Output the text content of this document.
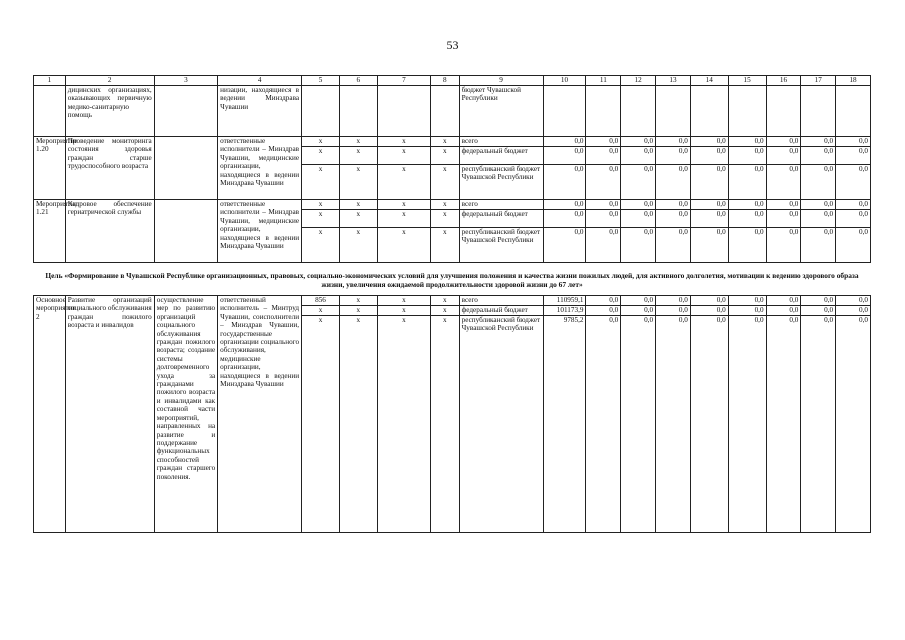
53
1	2	3	4	5	6	7	8	9	10	11	12	13	14	15	16	17	18
	дицинских организациях, оказывающих первичную медико-санитарную помощь		низации, находящиеся в ведении Минздрава Чувашии					бюджет Чувашской Республики									
Мероприятие 1.20	Проведение мониторинга состояния здоровья граждан старше трудоспособного возраста		ответственные исполнители – Минздрав Чувашии, медицинские организации, находящиеся в ведении Минздрава Чувашии	x	x	x	x	всего	0,0	0,0	0,0	0,0	0,0	0,0	0,0	0,0	0,0
				x	x	x	x	федеральный бюджет	0,0	0,0	0,0	0,0	0,0	0,0	0,0	0,0	0,0
				x	x	x	x	республиканский бюджет Чувашской Республики	0,0	0,0	0,0	0,0	0,0	0,0	0,0	0,0	0,0
Мероприятие 1.21	Кадровое обеспечение гериатрической службы		ответственные исполнители – Минздрав Чувашии, медицинские организации, находящиеся в ведении Минздрава Чувашии	x	x	x	x	всего	0,0	0,0	0,0	0,0	0,0	0,0	0,0	0,0	0,0
				x	x	x	x	федеральный бюджет	0,0	0,0	0,0	0,0	0,0	0,0	0,0	0,0	0,0
				x	x	x	x	республиканский бюджет Чувашской Республики	0,0	0,0	0,0	0,0	0,0	0,0	0,0	0,0	0,0
Цель «Формирование в Чувашской Республике организационных, правовых, социально-экономических условий для улучшения положения и качества жизни пожилых людей, для активного долголетия, мотивации к ведению здорового образа жизни, увеличения ожидаемой продолжительности здоровой жизни до 67 лет»																	
Основное мероприятие 2	Развитие организаций социального обслуживания граждан пожилого возраста и инвалидов	осуществление мер по развитию организаций социального обслуживания граждан пожилого возраста; создание системы долговременного ухода за гражданами пожилого возраста и инвалидами как составной части мероприятий, направленных на развитие и поддержание функциональных способностей граждан старшего поколения.	ответственный исполнитель – Минтруд Чувашии, соисполнители – Минздрав Чувашии, государственные организации социального обслуживания, медицинские организации, находящиеся в ведении Минздрава Чувашии	856	x	x	x	всего	110959,1	0,0	0,0	0,0	0,0	0,0	0,0	0,0	0,0
				x	x	x	x	федеральный бюджет	101173,9	0,0	0,0	0,0	0,0	0,0	0,0	0,0	0,0
				x	x	x	x	республиканский бюджет Чувашской Республики	9785,2	0,0	0,0	0,0	0,0	0,0	0,0	0,0	0,0
